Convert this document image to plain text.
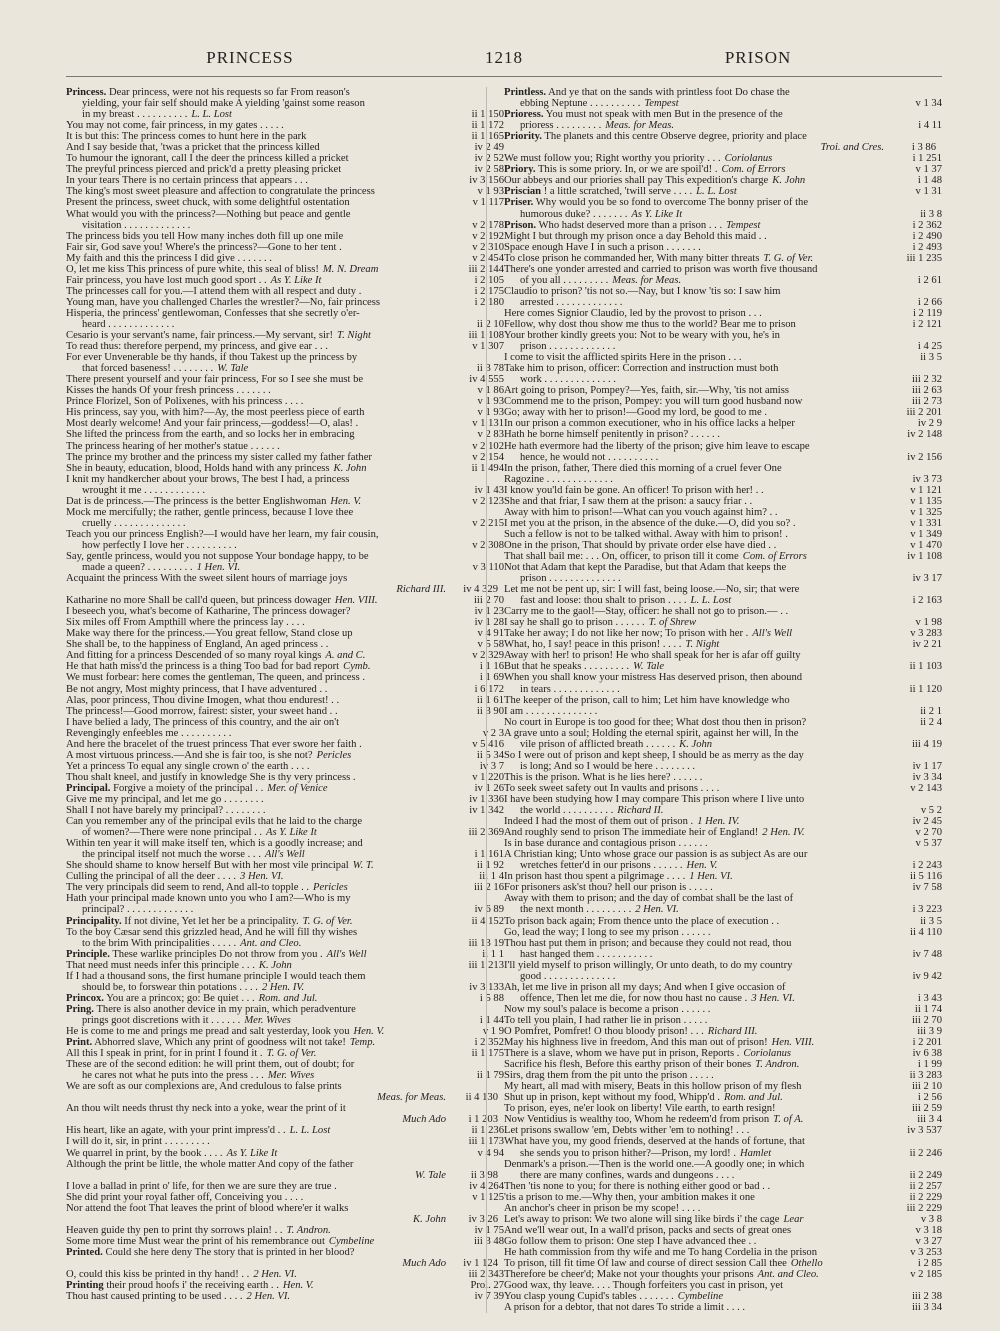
PRINCESS	1218	PRISON
Princess. Dear princess, were not his requests so far From reason's
yielding, your fair self should make A yielding 'gainst some reason
ii 1 150
in my breast . . . . . . . . . . L. L. Lost
ii 1 172
You may not come, fair princess, in my gates . . . . .
ii 1 165
It is but this: The princess comes to hunt here in the park
iv 2 49
And I say beside that, 'twas a pricket that the princess killed
iv 2 52
To humour the ignorant, call I the deer the princess killed a pricket
iv 2 58
The preyful princess pierced and prick'd a pretty pleasing pricket
iv 3 156
In your tears There is no certain princess that appears . . .
v 1 93
The king's most sweet pleasure and affection to congratulate the princess
v 1 117
Present the princess, sweet chuck, with some delightful ostentation
What would you with the princess?—Nothing but peace and gentle
v 2 178
visitation . . . . . . . . . . . . .
v 2 192
The princess bids you tell How many inches doth fill up one mile
v 2 310
Fair sir, God save you! Where's the princess?—Gone to her tent .
v 2 454
My faith and this the princess I did give . . . . . . .
iii 2 144
O, let me kiss This princess of pure white, this seal of bliss! M. N. Dream
i 2 105
Fair princess, you have lost much good sport . . As Y. Like It
i 2 175
The princesses call for you.—I attend them with all respect and duty .
i 2 180
Young man, have you challenged Charles the wrestler?—No, fair princess
Hisperia, the princess' gentlewoman, Confesses that she secretly o'er-
ii 2 10
heard . . . . . . . . . . . . .
iii 1 108
Cesario is your servant's name, fair princess.—My servant, sir! T. Night
v 1 307
To read thus: therefore perpend, my princess, and give ear . . .
For ever Unvenerable be thy hands, if thou Takest up the princess by
ii 3 78
that forced baseness! . . . . . . . . W. Tale
iv 4 555
There present yourself and your fair princess, For so I see she must be
v 1 86
Kisses the hands Of your fresh princess . . . . . . .
v 1 93
Prince Florizel, Son of Polixenes, with his princess . . . .
v 1 93
His princess, say you, with him?—Ay, the most peerless piece of earth
v 1 131
Most dearly welcome! And your fair princess,—goddess!—O, alas! .
v 2 83
She lifted the princess from the earth, and so locks her in embracing
v 2 102
The princess hearing of her mother's statue . . . . . .
v 2 154
The prince my brother and the princess my sister called my father father
ii 1 494
She in beauty, education, blood, Holds hand with any princess K. John
I knit my handkercher about your brows, The best I had, a princess
iv 1 43
wrought it me . . . . . . . . . . . .
v 2 123
Dat is de princess.—The princess is the better Englishwoman Hen. V.
Mock me mercifully; the rather, gentle princess, because I love thee
v 2 215
cruelly . . . . . . . . . . . . . .
Teach you our princess English?—I would have her learn, my fair cousin,
v 2 308
how perfectly I love her . . . . . . . . . .
Say, gentle princess, would you not suppose Your bondage happy, to be
v 3 110
made a queen? . . . . . . . . . 1 Hen. VI.
Acquaint the princess With the sweet silent hours of marriage joys
iv 4 329
Richard III.
iii 2 70
Katharine no more Shall be call'd queen, but princess dowager Hen. VIII.
iv 1 23
I beseech you, what's become of Katharine, The princess dowager?
iv 1 28
Six miles off From Ampthill where the princess lay . . . .
v 4 91
Make way there for the princess.—You great fellow, Stand close up
v 5 58
She shall be, to the happiness of England, An aged princess . .
v 2 329
And fitting for a princess Descended of so many royal kings A. and C.
i 1 16
He that hath miss'd the princess is a thing Too bad for bad report Cymb.
i 1 69
We must forbear: here comes the gentleman, The queen, and princess .
i 6 172
Be not angry, Most mighty princess, that I have adventured . .
ii 1 61
Alas, poor princess, Thou divine Imogen, what thou endurest! . .
ii 3 90
The princess!—Good morrow, fairest: sister, your sweet hand . .
I have belied a lady, The princess of this country, and the air on't
v 2 3
Revengingly enfeebles me . . . . . . . . . .
v 5 416
And here the bracelet of the truest princess That ever swore her faith .
ii 5 34
A most virtuous princess.—And she is fair too, is she not? Pericles
iv 3 7
Yet a princess To equal any single crown o' the earth . . . .
v 1 220
Thou shalt kneel, and justify in knowledge She is thy very princess .
iv 1 26
Principal. Forgive a moiety of the principal . . Mer. of Venice
iv 1 336
Give me my principal, and let me go . . . . . . . .
iv 1 342
Shall I not have barely my principal? . . . . . . . .
Can you remember any of the principal evils that he laid to the charge
iii 2 369
of women?—There were none principal . . As Y. Like It
Within ten year it will make itself ten, which is a goodly increase; and
i 1 161
the principal itself not much the worse . . . All's Well
ii 1 92
She should shame to know herself But with her most vile principal W. T.
iii 1 4
Culling the principal of all the deer . . . . 3 Hen. VI.
iii 2 16
The very principals did seem to rend, And all-to topple . . Pericles
Hath your principal made known unto you who I am?—Who is my
iv 6 89
principal? . . . . . . . . . . . . .
ii 4 152
Principality. If not divine, Yet let her be a principality. T. G. of Ver.
To the boy Cæsar send this grizzled head, And he will fill thy wishes
iii 13 19
to the brim With principalities . . . . . Ant. and Cleo.
ii 1 1
Principle. These warlike principles Do not throw from you . All's Well
iii 1 213
That need must needs infer this principle . . . K. John
If I had a thousand sons, the first humane principle I would teach them
iv 3 133
should be, to forswear thin potations . . . . 2 Hen. IV.
i 5 88
Princox. You are a princox; go: Be quiet . . . Rom. and Jul.
Pring. There is also another device in my prain, which peradventure
i 1 44
prings goot discretions with it . . . . . . Mer. Wives
v 1 9
He is come to me and prings me pread and salt yesterday, look you Hen. V.
i 2 352
Print. Abhorred slave, Which any print of goodness wilt not take! Temp.
ii 1 175
All this I speak in print, for in print I found it . T. G. of Ver.
These are of the second edition: he will print them, out of doubt; for
ii 1 79
he cares not what he puts into the press . . . Mer. Wives
We are soft as our complexions are, And credulous to false prints
ii 4 130
Meas. for Meas.
An thou wilt needs thrust thy neck into a yoke, wear the print of it
i 1 203
Much Ado
ii 1 236
His heart, like an agate, with your print impress'd . . L. L. Lost
iii 1 173
I will do it, sir, in print . . . . . . . . .
v 4 94
We quarrel in print, by the book . . . . As Y. Like It
Although the print be little, the whole matter And copy of the father
ii 3 98
W. Tale
iv 4 264
I love a ballad in print o' life, for then we are sure they are true .
v 1 125
She did print your royal father off, Conceiving you . . . .
Nor attend the foot That leaves the print of blood where'er it walks
iv 3 26
K. John
iv 1 75
Heaven guide thy pen to print thy sorrows plain! . . T. Andron.
iii 3 48
Some more time Must wear the print of his remembrance out Cymbeline
Printed. Could she here deny The story that is printed in her blood?
iv 1 124
Much Ado
iii 2 343
O, could this kiss be printed in thy hand! . . 2 Hen. VI.
Prol. 27
Printing their proud hoofs i' the receiving earth . . Hen. V.
iv 7 39
Thou hast caused printing to be used . . . . 2 Hen. VI.
Printless. And ye that on the sands with printless foot Do chase the
v 1 34
ebbing Neptune . . . . . . . . . . Tempest
Prioress. You must not speak with men But in the presence of the
i 4 11
prioress . . . . . . . . . Meas. for Meas.
Priority. The planets and this centre Observe degree, priority and place
i 3 86
Troi. and Cres.
i 1 251
We must follow you; Right worthy you priority . . . Coriolanus
v 1 37
Priory. This is some priory. In, or we are spoil'd! . Com. of Errors
i 1 48
Our abbeys and our priories shall pay This expedition's charge K. John
v 1 31
Priscian ! a little scratched, 'twill serve . . . . L. L. Lost
Priser. Why would you be so fond to overcome The bonny priser of the
ii 3 8
humorous duke? . . . . . . . As Y. Like It
i 2 362
Prison. Who hadst deserved more than a prison . . . Tempest
i 2 490
Might I but through my prison once a day Behold this maid . .
i 2 493
Space enough Have I in such a prison . . . . . . .
iii 1 235
To close prison he commanded her, With many bitter threats T. G. of Ver.
There's one yonder arrested and carried to prison was worth five thousand
i 2 61
of you all . . . . . . . . . Meas. for Meas.
Claudio to prison? 'tis not so.—Nay, but I know 'tis so: I saw him
i 2 66
arrested . . . . . . . . . . . . .
i 2 119
Here comes Signior Claudio, led by the provost to prison . . .
i 2 121
Fellow, why dost thou show me thus to the world? Bear me to prison
Your brother kindly greets you: Not to be weary with you, he's in
i 4 25
prison . . . . . . . . . . . . .
ii 3 5
I come to visit the afflicted spirits Here in the prison . . .
Take him to prison, officer: Correction and instruction must both
iii 2 32
work . . . . . . . . . . . . . .
iii 2 63
Art going to prison, Pompey?—Yes, faith, sir.—Why, 'tis not amiss
iii 2 73
Commend me to the prison, Pompey: you will turn good husband now
iii 2 201
Go; away with her to prison!—Good my lord, be good to me .
iv 2 9
In our prison a common executioner, who in his office lacks a helper
iv 2 148
Hath he borne himself penitently in prison? . . . . . .
He hath evermore had the liberty of the prison; give him leave to escape
iv 2 156
hence, he would not . . . . . . . . . .
In the prison, father, There died this morning of a cruel fever One
iv 3 73
Ragozine . . . . . . . . . . . . .
v 1 121
I know you'ld fain be gone. An officer! To prison with her! . .
v 1 135
She and that friar, I saw them at the prison: a saucy friar . .
v 1 325
Away with him to prison!—What can you vouch against him? . .
v 1 331
I met you at the prison, in the absence of the duke.—O, did you so? .
v 1 349
Such a fellow is not to be talked withal. Away with him to prison! .
v 1 470
One in the prison, That should by private order else have died . .
iv 1 108
That shall bail me: . . . On, officer, to prison till it come Com. of Errors
Not that Adam that kept the Paradise, but that Adam that keeps the
iv 3 17
prison . . . . . . . . . . . . . .
Let me not be pent up, sir: I will fast, being loose.—No, sir; that were
i 2 163
fast and loose: thou shalt to prison . . . . L. L. Lost
Carry me to the gaol!—Stay, officer: he shall not go to prison.— . .
v 1 98
I say he shall go to prison . . . . . . T. of Shrew
v 3 283
Take her away; I do not like her now; To prison with her . All's Well
iv 2 21
What, ho, I say! peace in this prison! . . . . T. Night
Away with her! to prison! He who shall speak for her is afar off guilty
ii 1 103
But that he speaks . . . . . . . . . W. Tale
When you shall know your mistress Has deserved prison, then abound
ii 1 120
in tears . . . . . . . . . . . . .
The keeper of the prison, call to him; Let him have knowledge who
ii 2 1
I am . . . . . . . . . . . . . .
ii 2 4
No court in Europe is too good for thee; What dost thou then in prison?
A grave unto a soul; Holding the eternal spirit, against her will, In the
iii 4 19
vile prison of afflicted breath . . . . . . K. John
So I were out of prison and kept sheep, I should be as merry as the day
iv 1 17
is long; And so I would be here . . . . . . . .
iv 3 34
This is the prison. What is he lies here? . . . . . .
v 2 143
To seek sweet safety out In vaults and prisons . . . .
I have been studying how I may compare This prison where I live unto
v 5 2
the world . . . . . . . . . . Richard II.
iv 2 45
Indeed I had the most of them out of prison . 1 Hen. IV.
v 2 70
And roughly send to prison The immediate heir of England! 2 Hen. IV.
v 5 37
Is in base durance and contagious prison . . . . . .
A Christian king; Unto whose grace our passion is as subject As are our
i 2 243
wretches fetter'd in our prisons . . . . . . Hen. V.
ii 5 116
In prison hast thou spent a pilgrimage . . . . 1 Hen. VI.
iv 7 58
For prisoners ask'st thou? hell our prison is . . . . .
Away with them to prison; and the day of combat shall be the last of
i 3 223
the next month . . . . . . . . . 2 Hen. VI.
ii 3 5
To prison back again; From thence unto the place of execution . .
ii 4 110
Go, lead the way; I long to see my prison . . . . . .
Thou hast put them in prison; and because they could not read, thou
iv 7 48
hast hanged them . . . . . . . . . . .
I'll yield myself to prison willingly, Or unto death, to do my country
iv 9 42
good . . . . . . . . . . . . . .
Ah, let me live in prison all my days; And when I give occasion of
i 3 43
offence, Then let me die, for now thou hast no cause . 3 Hen. VI.
ii 1 74
Now my soul's palace is become a prison . . . . . .
iii 2 70
To tell you plain, I had rather lie in prison . . . . .
iii 3 9
O Pomfret, Pomfret! O thou bloody prison! . . . Richard III.
i 2 201
May his highness live in freedom, And this man out of prison! Hen. VIII.
iv 6 38
There is a slave, whom we have put in prison, Reports . Coriolanus
i 1 99
Sacrifice his flesh, Before this earthy prison of their bones T. Andron.
ii 3 283
Sirs, drag them from the pit unto the prison . . . . .
iii 2 10
My heart, all mad with misery, Beats in this hollow prison of my flesh
i 2 56
Shut up in prison, kept without my food, Whipp'd . Rom. and Jul.
iii 2 59
To prison, eyes, ne'er look on liberty! Vile earth, to earth resign!
iii 3 4
Now Ventidius is wealthy too, Whom he redeem'd from prison T. of A.
iv 3 537
Let prisons swallow 'em, Debts wither 'em to nothing! . . .
What have you, my good friends, deserved at the hands of fortune, that
ii 2 246
she sends you to prison hither?—Prison, my lord! . Hamlet
Denmark's a prison.—Then is the world one.—A goodly one; in which
ii 2 249
there are many confines, wards and dungeons . . . .
ii 2 257
Then 'tis none to you; for there is nothing either good or bad . .
ii 2 229
'tis a prison to me.—Why then, your ambition makes it one
iii 2 229
An anchor's cheer in prison be my scope! . . . .
v 3 8
Let's away to prison: We two alone will sing like birds i' the cage Lear
v 3 18
And we'll wear out, In a wall'd prison, packs and sects of great ones
v 3 27
Go follow them to prison: One step I have advanced thee . .
v 3 253
He hath commission from thy wife and me To hang Cordelia in the prison
i 2 85
To prison, till fit time Of law and course of direct session Call thee Othello
v 2 185
Therefore be cheer'd; Make not your thoughts your prisons Ant. and Cleo.
Good wax, thy leave. . . . Though forfeiters you cast in prison, yet
iii 2 38
You clasp young Cupid's tables . . . . . . . Cymbeline
iii 3 34
A prison for a debtor, that not dares To stride a limit . . . .
